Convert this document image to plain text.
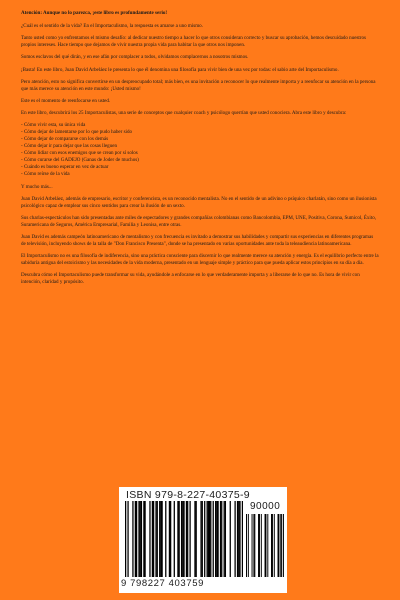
Atención: Aunque no lo parezca, ¡este libro es profundamente serio!

¿Cuál es el sentido de la vida? En el Importaculismo, la respuesta es amarse a uno mismo.

Tanto usted como yo enfrentamos el mismo desafío: al dedicar nuestro tiempo a hacer lo que otros consideran correcto y buscar su aprobación, hemos descuidado nuestros propios intereses. Hace tiempo que dejamos de vivir nuestra propia vida para habitar la que otros nos imponen.

Somos esclavos del qué dirán, y en ese afán por complacer a todos, olvidamos complacernos a nosotros mismos.

¡Basta! En este libro, Juan David Arbeláez le presenta lo que él denomina una filosofía para vivir bien de una vez por todas: el sabio arte del Importaculismo.

Pero atención, esto no significa convertirse en un despreocupado total; más bien, es una invitación a reconocer lo que realmente importa y a reenfocar su atención en la persona que más merece su atención en este mundo: ¡Usted mismo!

Este es el momento de reenfocarse en usted.

En este libro, descubrirá los 25 Importaculistas, una serie de conceptos que cualquier coach y psicólogo querrían que usted conociera. Abra este libro y descubra:

- Cómo vivir esta, su única vida
- Cómo dejar de lamentarse por lo que pudo haber sido
- Cómo dejar de compararse con los demás
- Cómo dejar ir para dejar que las cosas lleguen
- Cómo lidiar con esos enemigos que se crean por sí solos
- Cómo curarse del GADEJO (Ganas de Joder de muchos)
- Cuándo es bueno esperar en vez de actuar
- Cómo reírse de la vida

Y mucho más...

Juan David Arbeláez, además de empresario, escritor y conferencista, es un reconocido mentalista. No en el sentido de un adivino o psíquico charlatán, sino como un ilusionista psicológico capaz de emplear sus cinco sentidos para crear la ilusión de un sexto.

Sus charlas-espectáculos han sido presentadas ante miles de espectadores y grandes compañías colombianas como Bancolombia, EPM, UNE, Positiva, Corona, Sumicol, Éxito, Suramericana de Seguros, América Empresarial, Familia y Leonisa, entre otras.

Juan David es además campeón latinoamericano de mentalismo y con frecuencia es invitado a demostrar sus habilidades y compartir sus experiencias en diferentes programas de televisión, incluyendo shows de la talla de "Don Francisco Presenta", donde se ha presentado en varias oportunidades ante toda la teleaudiencia latinoamericana.

El Importaculismo no es una filosofía de indiferencia, sino una práctica consciente para discernir lo que realmente merece su atención y energía. Es el equilibrio perfecto entre la sabiduría antigua del estoicismo y las necesidades de la vida moderna, presentado en un lenguaje simple y práctico para que pueda aplicar estos principios en su día a día.

Descubra cómo el Importaculismo puede transformar su vida, ayudándole a enfocarse en lo que verdaderamente importa y a liberarse de lo que no. Es hora de vivir con intención, claridad y propósito.

ISBN 979-8-227-40375-9
90000
9 798227 403759
